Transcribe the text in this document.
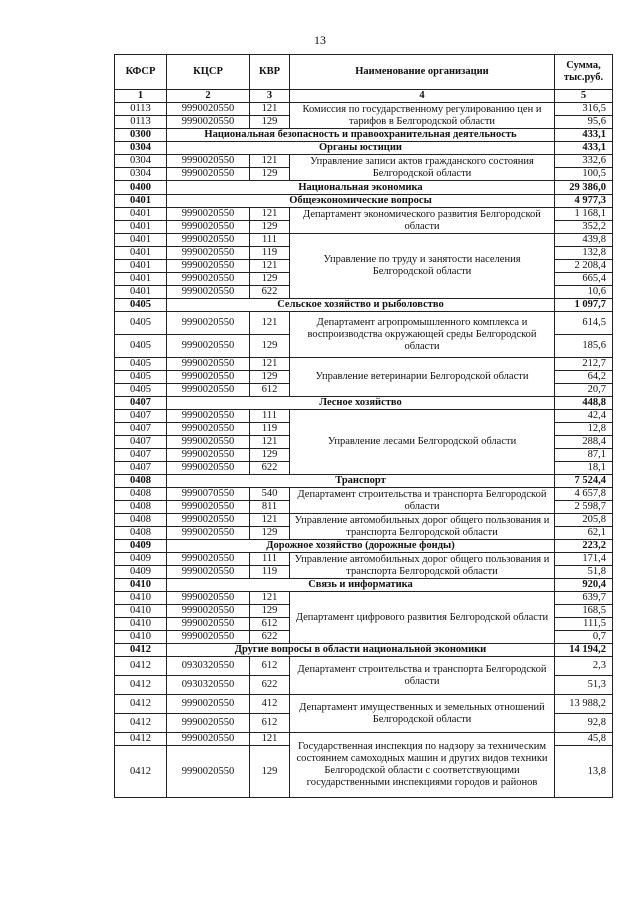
13
КФСР	КЦСР	КВР	Наименование организации	Сумма,
тыс.руб.
1	2	3	4	5
0113	9990020550	121	Комиссия по государственному регулированию цен и тарифов в Белгородской области	316,5
0113	9990020550	129		95,6
0300	Национальная безопасность и правоохранительная деятельность			433,1
0304	Органы юстиции			433,1
0304	9990020550	121	Управление записи актов гражданского состояния Белгородской области	332,6
0304	9990020550	129		100,5
0400	Национальная экономика			29 386,0
0401	Общеэкономические вопросы			4 977,3
0401	9990020550	121	Департамент экономического развития Белгородской области	1 168,1
0401	9990020550	129		352,2
0401	9990020550	111	Управление по труду и занятости населения Белгородской области	439,8
0401	9990020550	119		132,8
0401	9990020550	121		2 208,4
0401	9990020550	129		665,4
0401	9990020550	622		10,6
0405	Сельское хозяйство и рыболовство			1 097,7
0405	9990020550	121	Департамент агропромышленного комплекса и воспроизводства окружающей среды Белгородской области	614,5
0405	9990020550	129		185,6
0405	9990020550	121	Управление ветеринарии Белгородской области	212,7
0405	9990020550	129		64,2
0405	9990020550	612		20,7
0407	Лесное хозяйство			448,8
0407	9990020550	111	Управление лесами Белгородской области	42,4
0407	9990020550	119		12,8
0407	9990020550	121		288,4
0407	9990020550	129		87,1
0407	9990020550	622		18,1
0408	Транспорт			7 524,4
0408	9990070550	540	Департамент строительства и транспорта Белгородской области	4 657,8
0408	9990020550	811		2 598,7
0408	9990020550	121	Управление автомобильных дорог общего пользования и транспорта Белгородской области	205,8
0408	9990020550	129		62,1
0409	Дорожное хозяйство (дорожные фонды)			223,2
0409	9990020550	111	Управление автомобильных дорог общего пользования и транспорта Белгородской области	171,4
0409	9990020550	119		51,8
0410	Связь и информатика			920,4
0410	9990020550	121	Департамент цифрового развития Белгородской области	639,7
0410	9990020550	129		168,5
0410	9990020550	612		111,5
0410	9990020550	622		0,7
0412	Другие вопросы в области национальной экономики			14 194,2
0412	0930320550	612	Департамент строительства и транспорта Белгородской области	2,3
0412	0930320550	622		51,3
0412	9990020550	412	Департамент имущественных и земельных отношений Белгородской области	13 988,2
0412	9990020550	612		92,8
0412	9990020550	121	Государственная инспекция по надзору за техническим состоянием самоходных машин и других видов техники Белгородской области с соответствующими государственными инспекциями городов и районов	45,8
0412	9990020550	129		13,8
